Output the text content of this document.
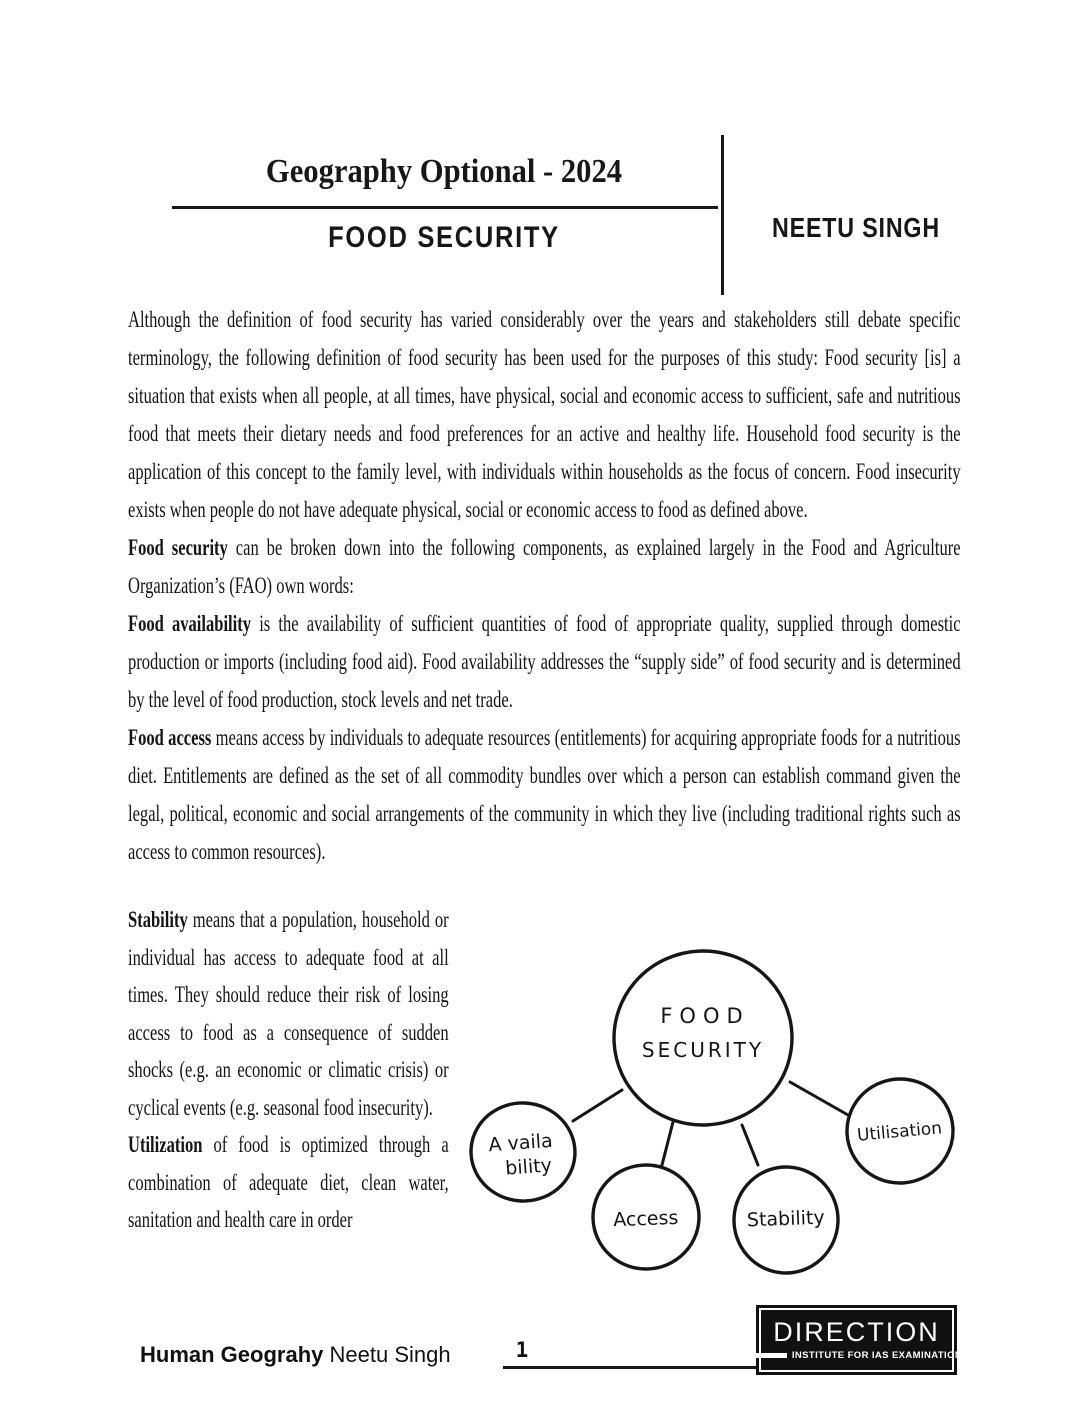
Geography Optional - 2024
FOOD SECURITY	NEETU SINGH

Although the definition of food security has varied considerably over the years and stakeholders still debate specific terminology, the following definition of food security has been used for the purposes of this study: Food security [is] a situation that exists when all people, at all times, have physical, social and economic access to sufficient, safe and nutritious food that meets their dietary needs and food preferences for an active and healthy life. Household food security is the application of this concept to the family level, with individuals within households as the focus of concern. Food insecurity exists when people do not have adequate physical, social or economic access to food as defined above.

Food security can be broken down into the following components, as explained largely in the Food and Agriculture Organization’s (FAO) own words:

Food availability is the availability of sufficient quantities of food of appropriate quality, supplied through domestic production or imports (including food aid). Food availability addresses the “supply side” of food security and is determined by the level of food production, stock levels and net trade.

Food access means access by individuals to adequate resources (entitlements) for acquiring appropriate foods for a nutritious diet. Entitlements are defined as the set of all commodity bundles over which a person can establish command given the legal, political, economic and social arrangements of the community in which they live (including traditional rights such as access to common resources).

Stability means that a population, household or individual has access to adequate food at all times. They should reduce their risk of losing access to food as a consequence of sudden shocks (e.g. an economic or climatic crisis) or cyclical events (e.g. seasonal food insecurity).

Utilization of food is optimized through a combination of adequate diet, clean water, sanitation and health care in order

FOOD
SECURITY
A vaila
bility
Access	Stability
Utilisation
Human Geograhy Neetu Singh	1
DIRECTION
INSTITUTE FOR IAS EXAMINATION
